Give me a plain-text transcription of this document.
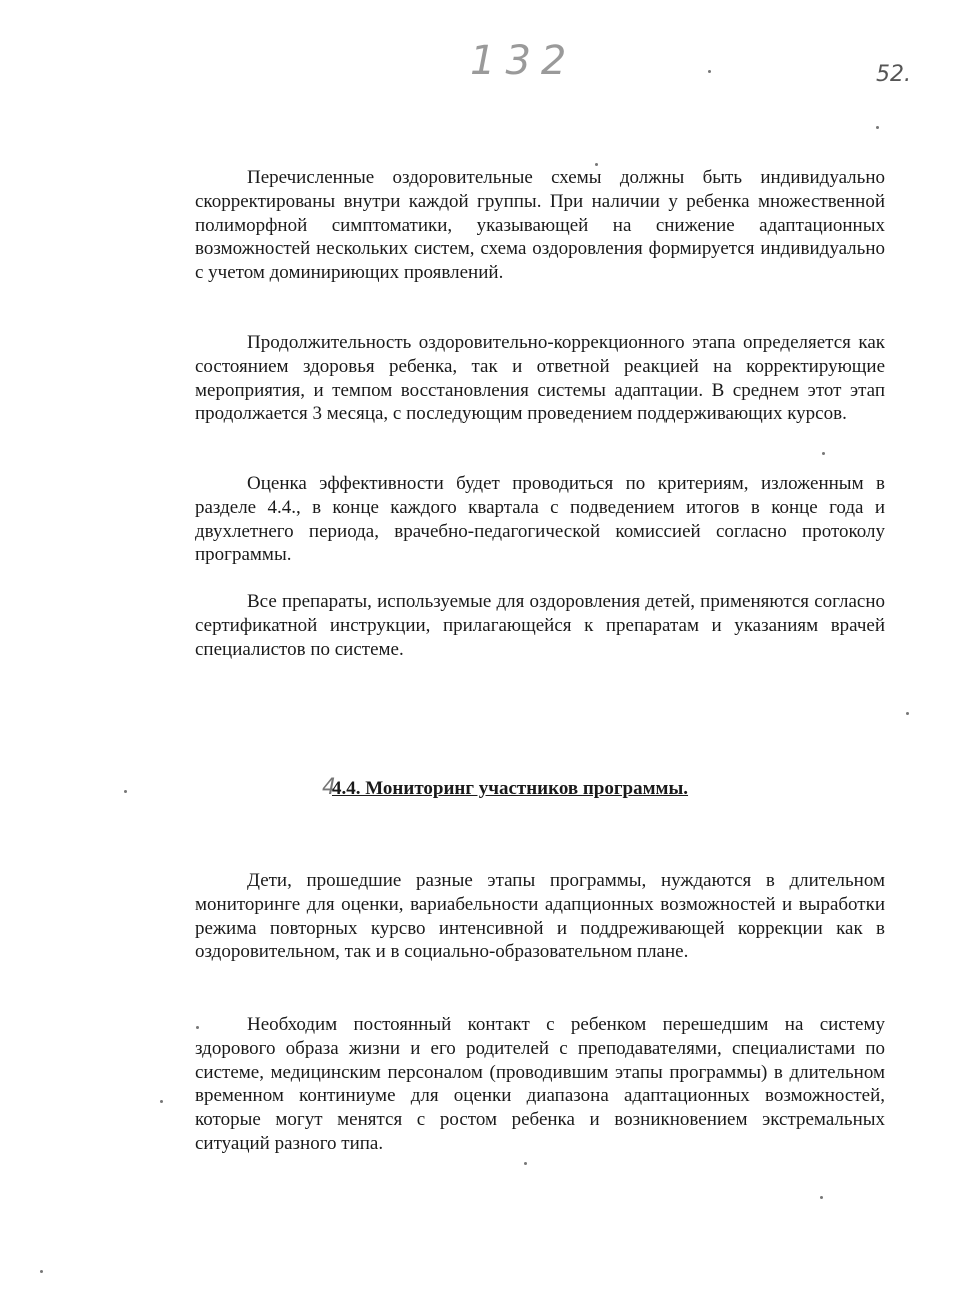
132	52.

Перечисленные оздоровительные схемы должны быть индивидуально скорректированы внутри каждой группы. При наличии у ребенка множественной полиморфной симптоматики, указывающей на снижение адаптационных возможностей нескольких систем, схема оздоровления формируется индивидуально с учетом доминириющих проявлений.

Продолжительность оздоровительно-коррекционного этапа определяется как состоянием здоровья ребенка, так и ответной реакцией на корректирующие мероприятия, и темпом восстановления системы адаптации. В среднем этот этап продолжается 3 месяца, с последующим проведением поддерживающих курсов.

Оценка эффективности будет проводиться по критериям, изложенным в разделе 4.4., в конце каждого квартала с подведением итогов в конце года и двухлетнего периода, врачебно-педагогической комиссией согласно протоколу программы.

Все препараты, используемые для оздоровления детей, применяются согласно сертификатной инструкции, прилагающейся к препаратам и указаниям врачей специалистов по системе.

44.4. Мониторинг участников программы.

Дети, прошедшие разные этапы программы, нуждаются в длительном мониторинге для оценки, вариабельности адапционных возможностей и выработки режима повторных курсво интенсивной и поддреживающей коррекции как в оздоровительном, так и в социально-образовательном плане.

Необходим постоянный контакт с ребенком перешедшим на систему здорового образа жизни и его родителей с преподавателями, специалистами по системе, медицинским персоналом (проводившим этапы программы) в длительном временном континиуме для оценки диапазона адаптационных возможностей, которые могут менятся с ростом ребенка и возникновением экстремальных ситуаций разного типа.
